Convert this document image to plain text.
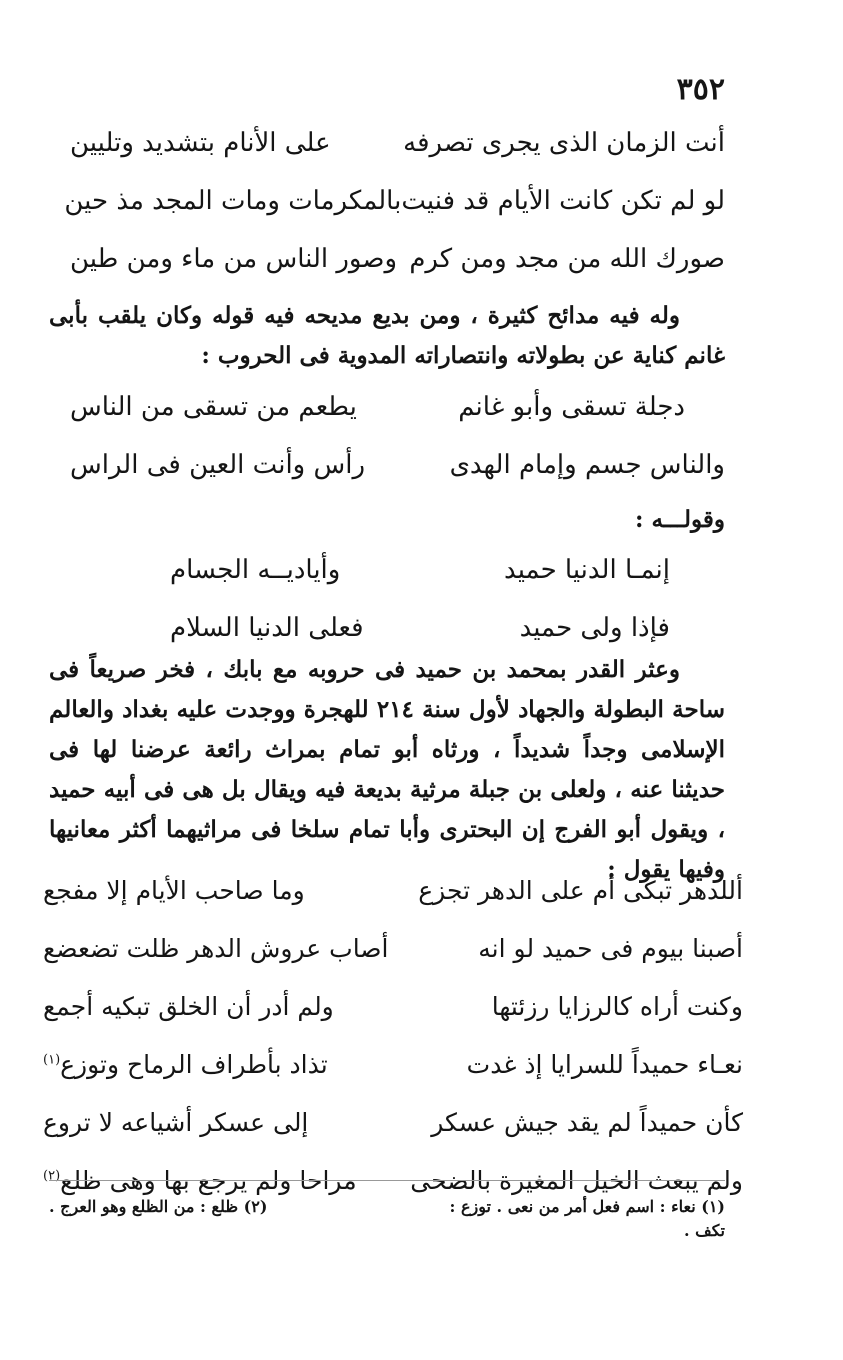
٣٥٢
أنت الزمان الذى يجرى تصرفه
على الأنام بتشديد وتليين
لو لم تكن كانت الأيام قد فنيت
بالمكرمات ومات المجد مذ حين
صورك الله من مجد ومن كرم
وصور الناس من ماء ومن طين
وله فيه مدائح كثيرة ، ومن بديع مديحه فيه قوله وكان يلقب بأبى غانم كناية عن بطولاته وانتصاراته المدوية فى الحروب :
دجلة تسقى وأبو غانم
يطعم من تسقى من الناس
والناس جسم وإمام الهدى
رأس وأنت العين فى الراس
وقولـــه :
إنمـا الدنيا حميد
وأياديــه الجسام
فإذا ولى حميد
فعلى الدنيا السلام
وعثر القدر بمحمد بن حميد فى حروبه مع بابك ، فخر صريعاً فى ساحة البطولة والجهاد لأول سنة ٢١٤ للهجرة ووجدت عليه بغداد والعالم الإسلامى وجداً شديداً ، ورثاه أبو تمام بمراث رائعة عرضنا لها فى حديثنا عنه ، ولعلى بن جبلة مرثية بديعة فيه ويقال بل هى فى أبيه حميد ، ويقول أبو الفرج إن البحترى وأبا تمام سلخا فى مراثيهما أكثر معانيها وفيها يقول :
أللدهر تبكى أم على الدهر تجزع
وما صاحب الأيام إلا مفجع
أصبنا بيوم فى حميد لو انه
أصاب عروش الدهر ظلت تضعضع
وكنت أراه كالرزايا رزئتها
ولم أدر أن الخلق تبكيه أجمع
نعـاء حميداً للسرايا إذ غدت
تذاد بأطراف الرماح وتوزع$^{(١)}$
كأن حميداً لم يقد جيش عسكر
إلى عسكر أشياعه لا تروع
ولم يبعث الخيل المغيرة بالضحى
مراحا ولم يرجع بها وهى ظلع$^{(٢)}$
(١) نعاء : اسم فعل أمر من نعى . توزع : تكف .
(٢) ظلع : من الظلع وهو العرج .
